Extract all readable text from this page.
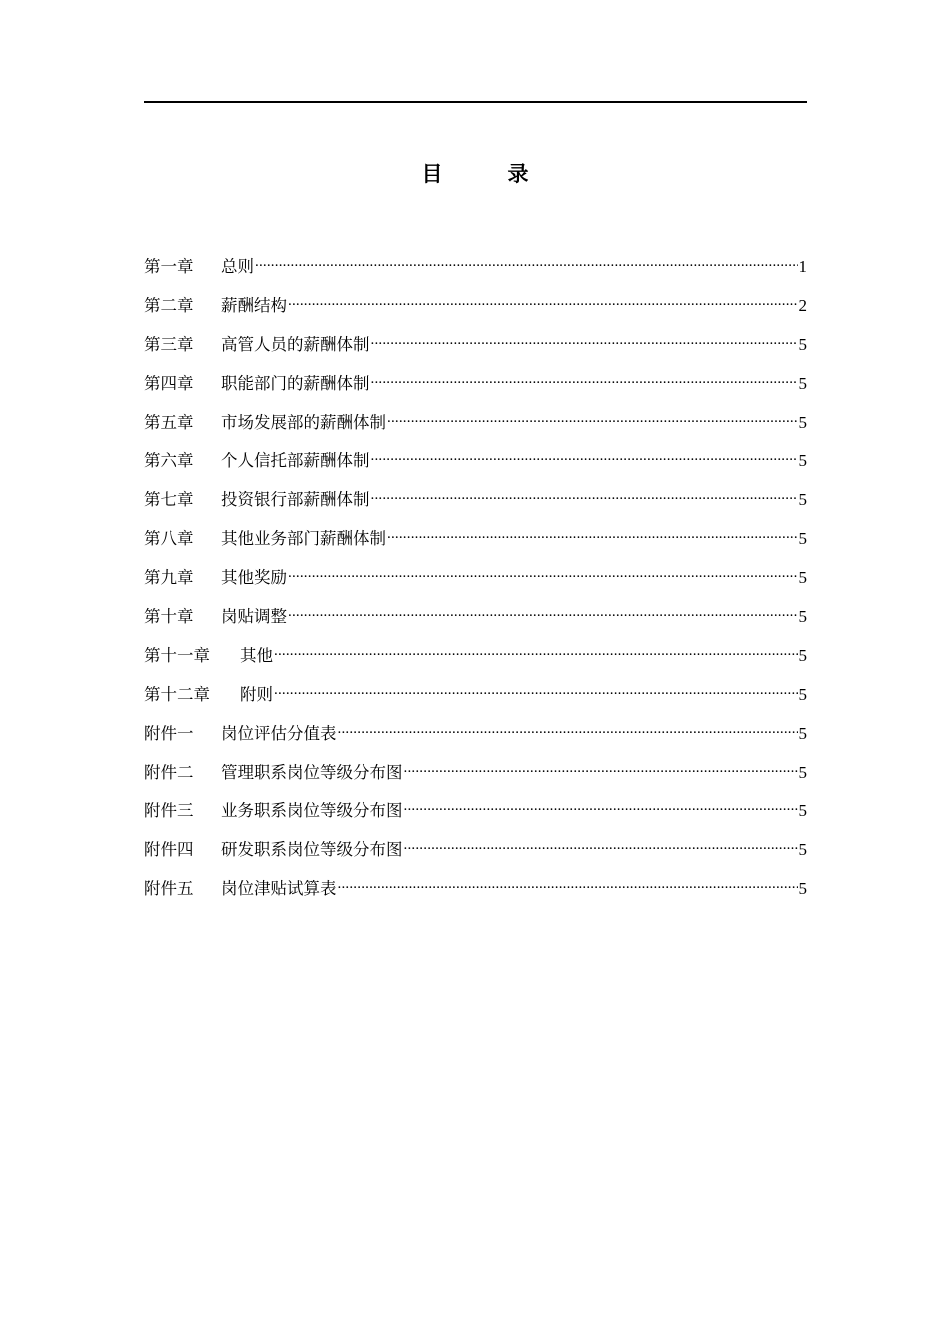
目　录
第一章	总则 .....	1
第二章	薪酬结构 .....	2
第三章	高管人员的薪酬体制 .....	5
第四章	职能部门的薪酬体制 .....	5
第五章	市场发展部的薪酬体制 .....	5
第六章	个人信托部薪酬体制 .....	5
第七章	投资银行部薪酬体制 .....	5
第八章	其他业务部门薪酬体制 .....	5
第九章	其他奖励 .....	5
第十章	岗贴调整 .....	5
第十一章	其他 .....	5
第十二章	附则 .....	5
附件一	岗位评估分值表 .....	5
附件二	管理职系岗位等级分布图 .....	5
附件三	业务职系岗位等级分布图 .....	5
附件四	研发职系岗位等级分布图 .....	5
附件五	岗位津贴试算表 .....	5
